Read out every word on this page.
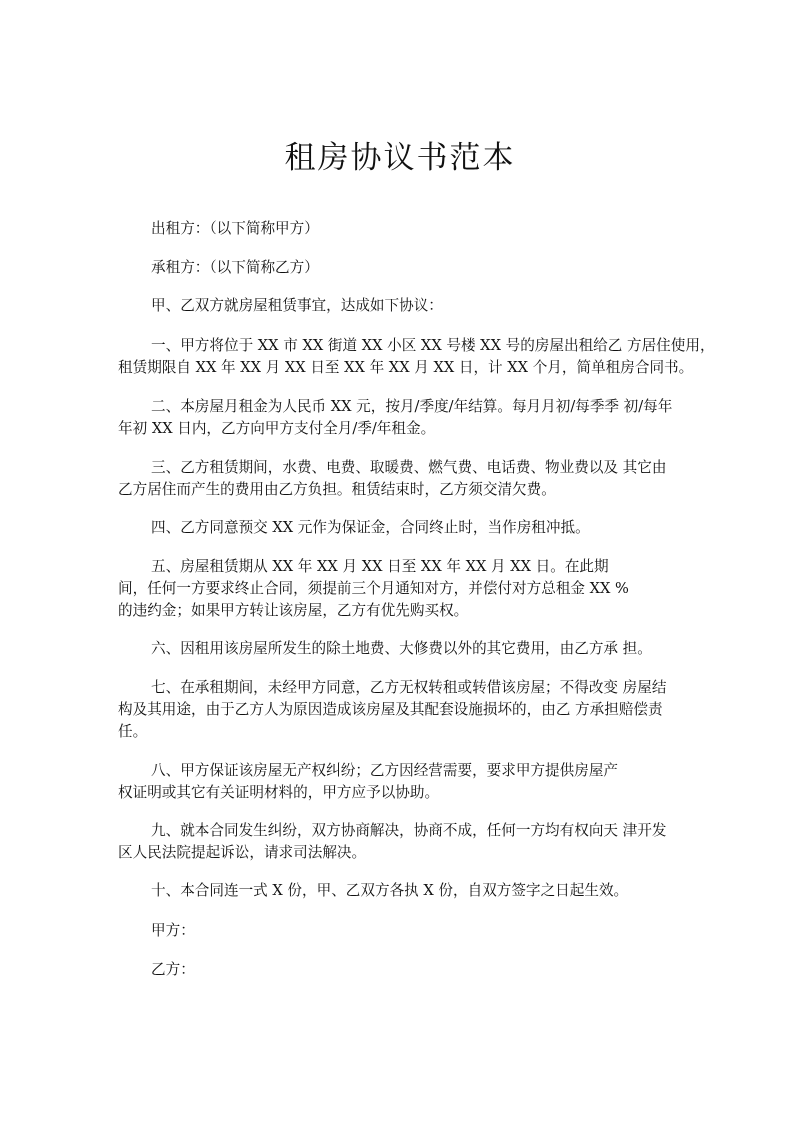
租房协议书范本
出租方：（以下简称甲方）
承租方：（以下简称乙方）
甲、乙双方就房屋租赁事宜，达成如下协议：
一、甲方将位于 XX 市 XX 街道 XX 小区 XX 号楼 XX 号的房屋出租给乙 方居住使用，
租赁期限自 XX 年 XX 月 XX 日至 XX 年 XX 月 XX 日，计 XX 个月，简单租房合同书。
二、本房屋月租金为人民币 XX 元，按月/季度/年结算。每月月初/每季季 初/每年
年初 XX 日内，乙方向甲方支付全月/季/年租金。
三、乙方租赁期间，水费、电费、取暖费、燃气费、电话费、物业费以及 其它由
乙方居住而产生的费用由乙方负担。租赁结束时，乙方须交清欠费。
四、乙方同意预交 XX 元作为保证金，合同终止时，当作房租冲抵。
五、房屋租赁期从 XX 年 XX 月 XX 日至 XX 年 XX 月 XX 日。在此期
间，任何一方要求终止合同，须提前三个月通知对方，并偿付对方总租金 XX %
的违约金；如果甲方转让该房屋，乙方有优先购买权。
六、因租用该房屋所发生的除土地费、大修费以外的其它费用，由乙方承 担。
七、在承租期间，未经甲方同意，乙方无权转租或转借该房屋；不得改变 房屋结
构及其用途，由于乙方人为原因造成该房屋及其配套设施损坏的，由乙 方承担赔偿责
任。
八、甲方保证该房屋无产权纠纷；乙方因经营需要，要求甲方提供房屋产
权证明或其它有关证明材料的，甲方应予以协助。
九、就本合同发生纠纷，双方协商解决，协商不成，任何一方均有权向天 津开发
区人民法院提起诉讼，请求司法解决。
十、本合同连一式 X 份，甲、乙双方各执 X 份，自双方签字之日起生效。
甲方：
乙方：
